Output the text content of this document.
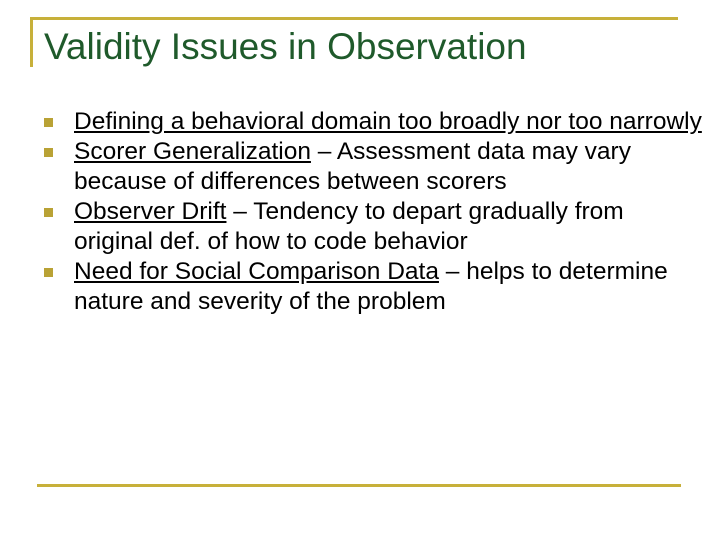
Validity Issues in Observation
Defining a behavioral domain too broadly nor too narrowly
Scorer Generalization – Assessment data may vary because of differences between scorers
Observer Drift – Tendency to depart gradually from original def. of how to code behavior
Need for Social Comparison Data – helps to determine nature and severity of the problem
